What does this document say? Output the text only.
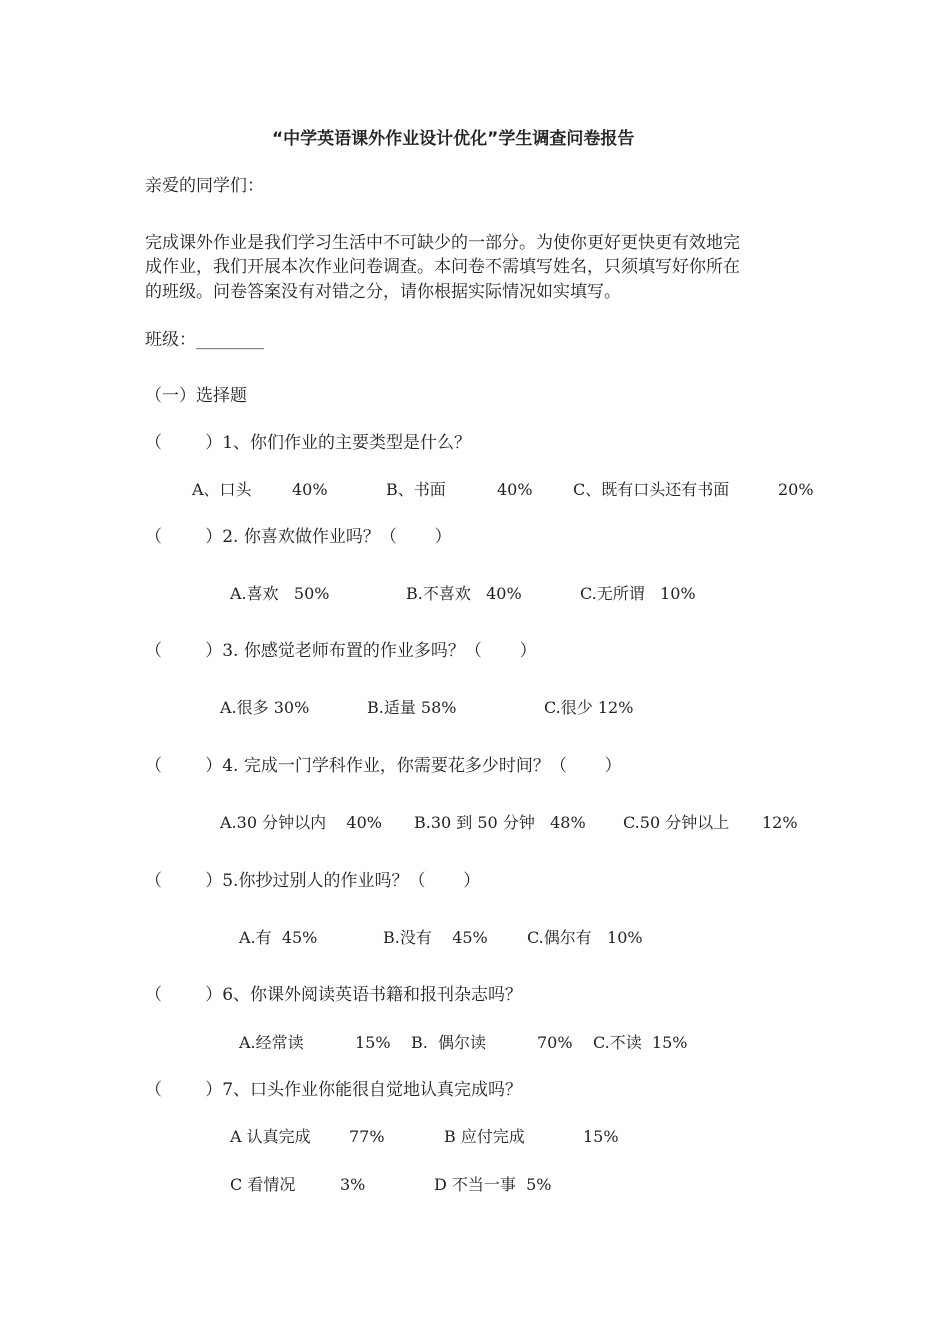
“中学英语课外作业设计优化”学生调查问卷报告
亲爱的同学们：
完成课外作业是我们学习生活中不可缺少的一部分。为使你更好更快更有效地完
成作业，我们开展本次作业问卷调查。本问卷不需填写姓名，只须填写好你所在
的班级。问卷答案没有对错之分，请你根据实际情况如实填写。
班级：________
（一）选择题
（        ）1、你们作业的主要类型是什么？
A、口头	40%	B、书面	40%	C、既有口头还有书面	20%
（        ）2. 你喜欢做作业吗？（       ）
A.喜欢   50%	B.不喜欢   40%	C.无所谓   10%
（        ）3. 你感觉老师布置的作业多吗？（       ）
A.很多 30%	B.适量 58%	C.很少 12%
（        ）4. 完成一门学科作业，你需要花多少时间？（       ）
A.30 分钟以内    40% B.30 到 50 分钟   48% C.50 分钟以上 12%
（        ）5.你抄过别人的作业吗？（       ）
A.有  45%	B.没有    45% C.偶尔有   10%
（        ）6、你课外阅读英语书籍和报刊杂志吗？
A.经常读	15% B.  偶尔读	70% C.不读  15%
（        ）7、口头作业你能很自觉地认真完成吗？
A 认真完成 77%	B 应付完成	15%
C 看情况	3%	D 不当一事  5%
